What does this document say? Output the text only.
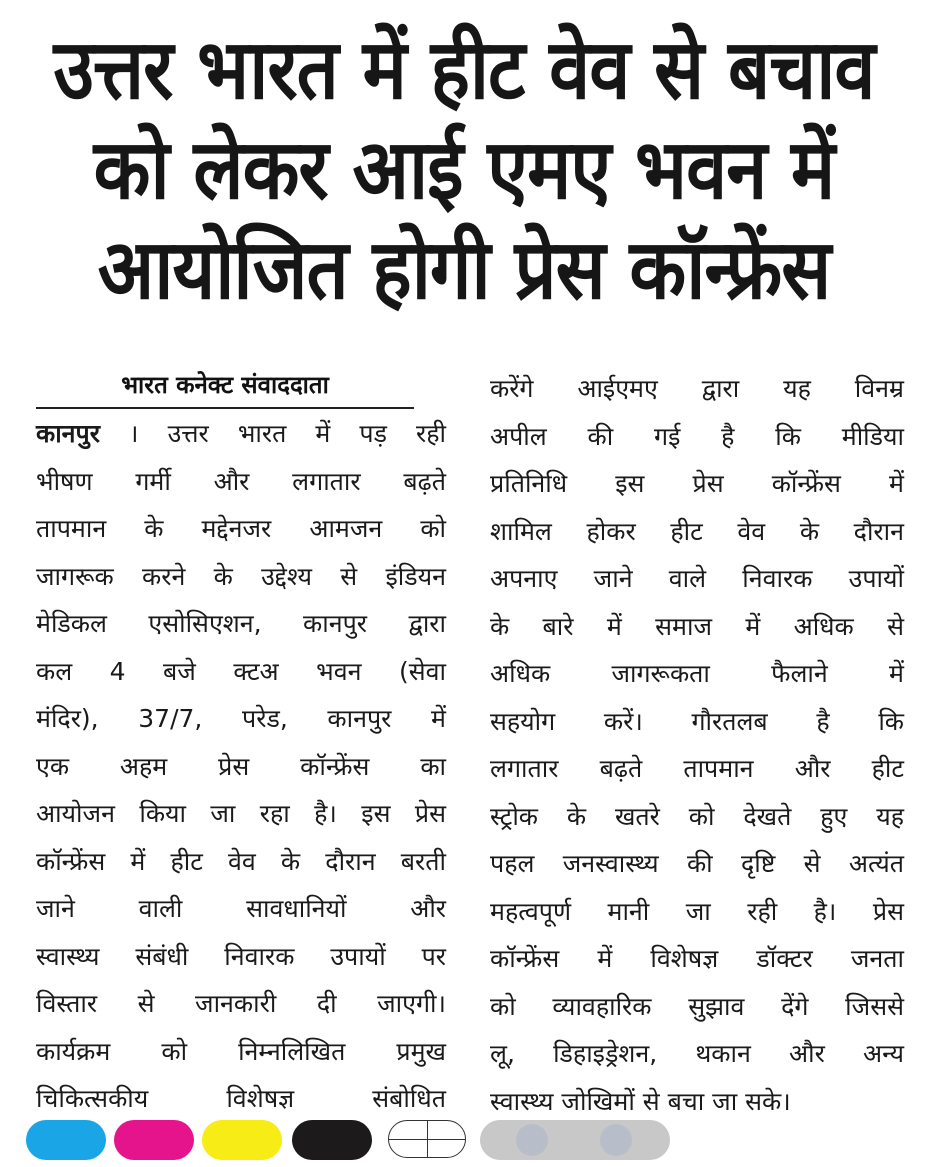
उत्तर भारत में हीट वेव से बचाव
को लेकर आई एमए भवन में
आयोजित होगी प्रेस कॉन्फ्रेंस
भारत कनेक्ट संवाददाता
कानपुर । उत्तर भारत में पड़ रही
भीषण गर्मी और लगातार बढ़ते
तापमान के मद्देनजर आमजन को
जागरूक करने के उद्देश्य से इंडियन
मेडिकल एसोसिएशन, कानपुर द्वारा
कल 4 बजे क्टअ भवन (सेवा
मंदिर), 37/7, परेड, कानपुर में
एक अहम प्रेस कॉन्फ्रेंस का
आयोजन किया जा रहा है। इस प्रेस
कॉन्फ्रेंस में हीट वेव के दौरान बरती
जाने वाली सावधानियों और
स्वास्थ्य संबंधी निवारक उपायों पर
विस्तार से जानकारी दी जाएगी।
कार्यक्रम को निम्नलिखित प्रमुख
चिकित्सकीय विशेषज्ञ संबोधित
करेंगे आईएमए द्वारा यह विनम्र
अपील की गई है कि मीडिया
प्रतिनिधि इस प्रेस कॉन्फ्रेंस में
शामिल होकर हीट वेव के दौरान
अपनाए जाने वाले निवारक उपायों
के बारे में समाज में अधिक से
अधिक जागरूकता फैलाने में
सहयोग करें। गौरतलब है कि
लगातार बढ़ते तापमान और हीट
स्ट्रोक के खतरे को देखते हुए यह
पहल जनस्वास्थ्य की दृष्टि से अत्यंत
महत्वपूर्ण मानी जा रही है। प्रेस
कॉन्फ्रेंस में विशेषज्ञ डॉक्टर जनता
को व्यावहारिक सुझाव देंगे जिससे
लू, डिहाइड्रेशन, थकान और अन्य
स्वास्थ्य जोखिमों से बचा जा सके।
